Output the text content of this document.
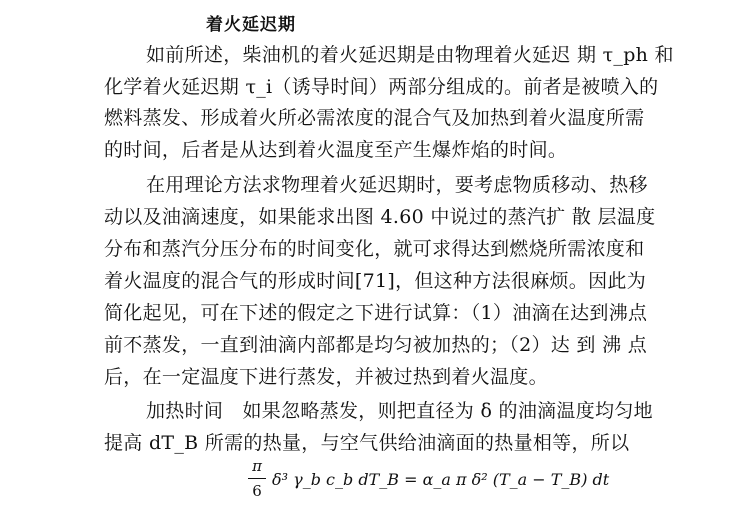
着火延迟期
如前所述，柴油机的着火延迟期是由物理着火延迟 期 τ_ph 和
化学着火延迟期 τ_i（诱导时间）两部分组成的。前者是被喷入的
燃料蒸发、形成着火所必需浓度的混合气及加热到着火温度所需
的时间，后者是从达到着火温度至产生爆炸焰的时间。
在用理论方法求物理着火延迟期时，要考虑物质移动、热移
动以及油滴速度，如果能求出图 4.60 中说过的蒸汽扩 散 层温度
分布和蒸汽分压分布的时间变化，就可求得达到燃烧所需浓度和
着火温度的混合气的形成时间[71]，但这种方法很麻烦。因此为
简化起见，可在下述的假定之下进行试算：（1）油滴在达到沸点
前不蒸发，一直到油滴内部都是均匀被加热的；（2）达 到 沸 点
后，在一定温度下进行蒸发，并被过热到着火温度。
加热时间　如果忽略蒸发，则把直径为 δ 的油滴温度均匀地
提高 dT_B 所需的热量，与空气供给油滴面的热量相等，所以
π
6
δ³ γ_b c_b dT_B = α_a π δ² (T_a − T_B) dt
